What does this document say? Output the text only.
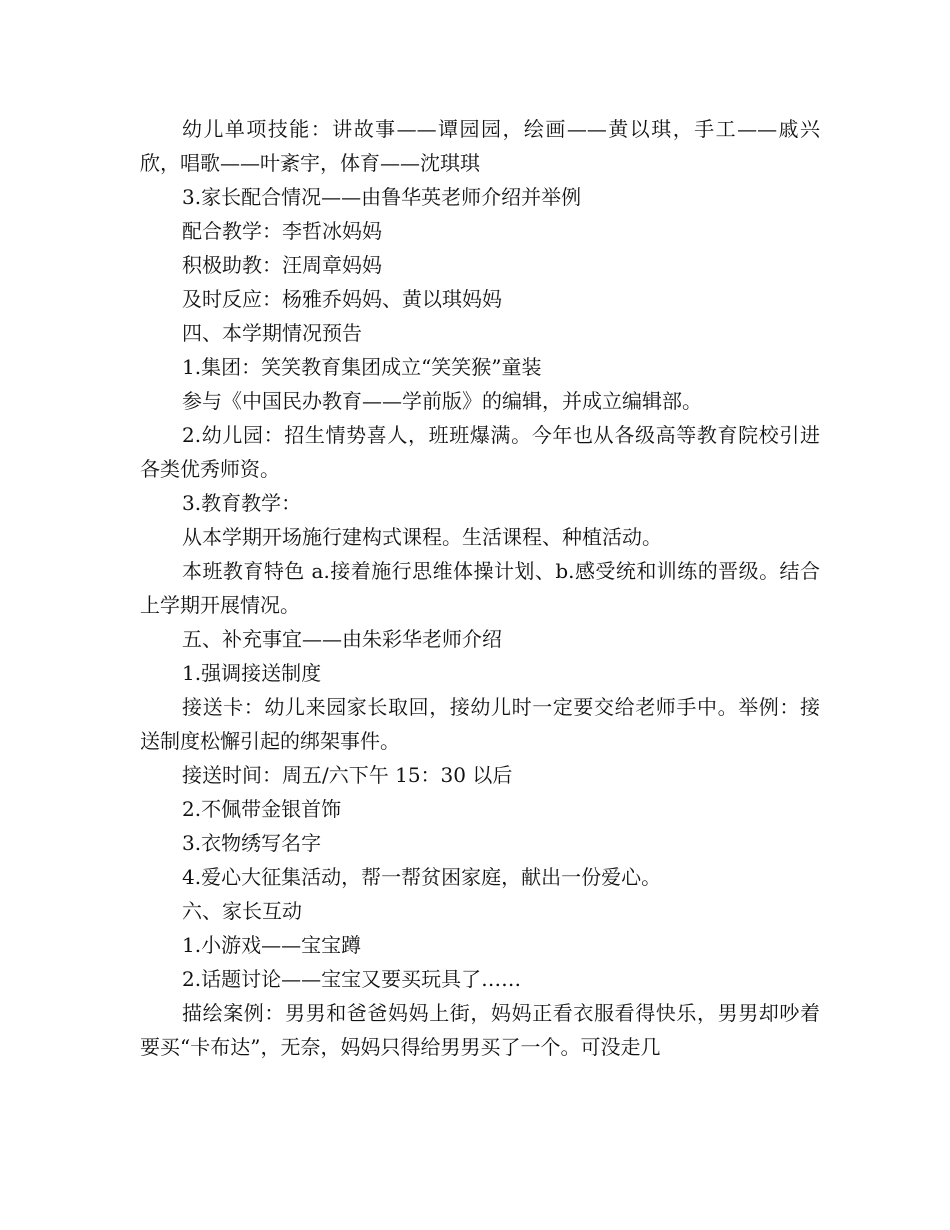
幼儿单项技能：讲故事——谭园园，绘画——黄以琪，手工——戚兴欣，唱歌——叶紊宇，体育——沈琪琪

3.家长配合情况——由鲁华英老师介绍并举例

配合教学：李哲冰妈妈

积极助教：汪周章妈妈

及时反应：杨雅乔妈妈、黄以琪妈妈

四、本学期情况预告

1.集团：笑笑教育集团成立“笑笑猴”童装

参与《中国民办教育——学前版》的编辑，并成立编辑部。

2.幼儿园：招生情势喜人，班班爆满。今年也从各级高等教育院校引进各类优秀师资。

3.教育教学：

从本学期开场施行建构式课程。生活课程、种植活动。

本班教育特色 a.接着施行思维体操计划、b.感受统和训练的晋级。结合上学期开展情况。

五、补充事宜——由朱彩华老师介绍

1.强调接送制度

接送卡：幼儿来园家长取回，接幼儿时一定要交给老师手中。举例：接送制度松懈引起的绑架事件。

接送时间：周五/六下午 15：30 以后

2.不佩带金银首饰

3.衣物绣写名字

4.爱心大征集活动，帮一帮贫困家庭，献出一份爱心。

六、家长互动

1.小游戏——宝宝蹲

2.话题讨论——宝宝又要买玩具了……

描绘案例：男男和爸爸妈妈上街，妈妈正看衣服看得快乐，男男却吵着要买“卡布达”，无奈，妈妈只得给男男买了一个。可没走几
